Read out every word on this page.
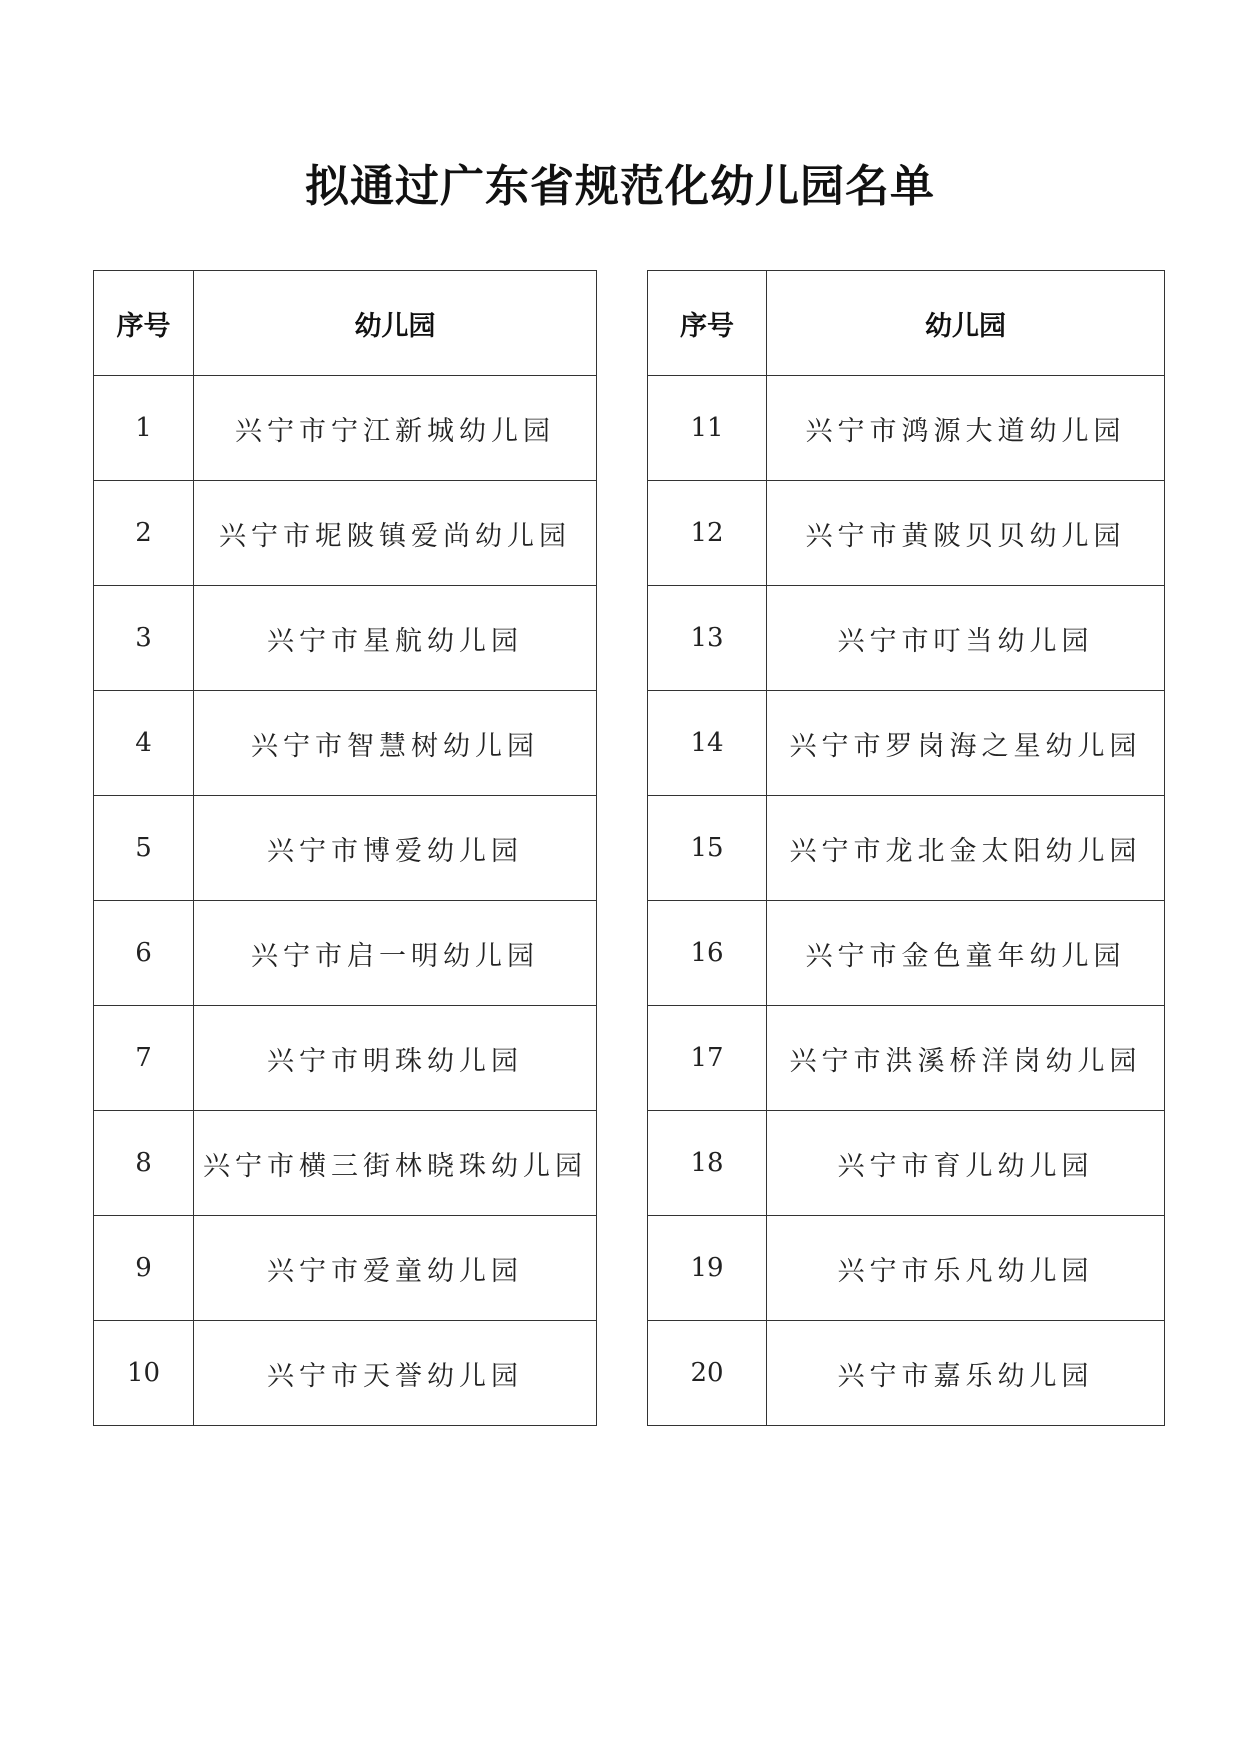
拟通过广东省规范化幼儿园名单
序号	幼儿园
1	兴宁市宁江新城幼儿园
2	兴宁市坭陂镇爱尚幼儿园
3	兴宁市星航幼儿园
4	兴宁市智慧树幼儿园
5	兴宁市博爱幼儿园
6	兴宁市启一明幼儿园
7	兴宁市明珠幼儿园
8	兴宁市横三街林晓珠幼儿园
9	兴宁市爱童幼儿园
10	兴宁市天誉幼儿园
序号	幼儿园
11	兴宁市鸿源大道幼儿园
12	兴宁市黄陂贝贝幼儿园
13	兴宁市叮当幼儿园
14	兴宁市罗岗海之星幼儿园
15	兴宁市龙北金太阳幼儿园
16	兴宁市金色童年幼儿园
17	兴宁市洪溪桥洋岗幼儿园
18	兴宁市育儿幼儿园
19	兴宁市乐凡幼儿园
20	兴宁市嘉乐幼儿园
